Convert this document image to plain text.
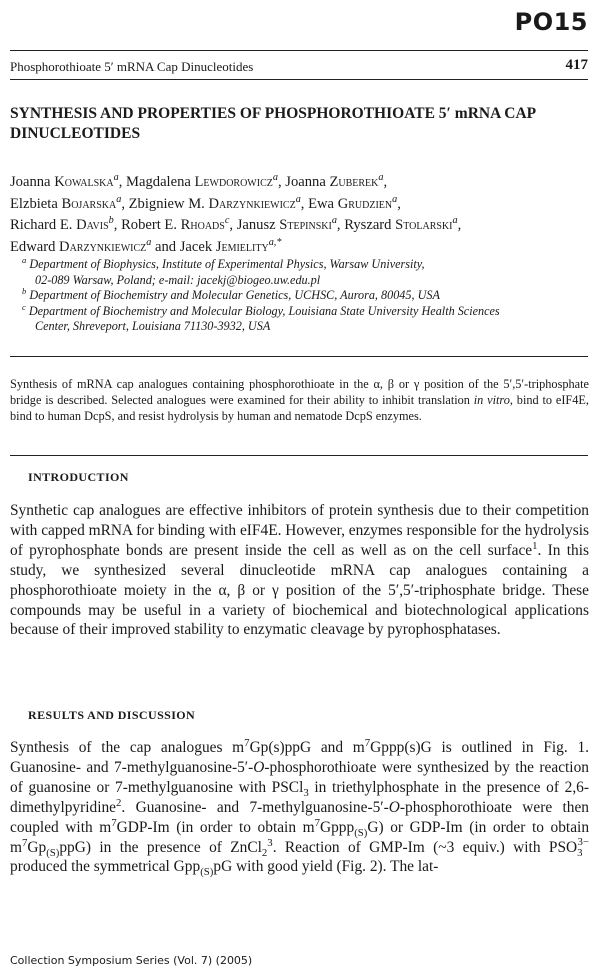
PO15
Phosphorothioate 5′ mRNA Cap Dinucleotides	417
SYNTHESIS AND PROPERTIES OF PHOSPHOROTHIOATE 5′ mRNA CAP DINUCLEOTIDES
Joanna Kowalska$^a$, Magdalena Lewdorowicz$^a$, Joanna Zuberek$^a$,
Elzbieta Bojarska$^a$, Zbigniew M. Darzynkiewicz$^a$, Ewa Grudzien$^a$,
Richard E. Davis$^b$, Robert E. Rhoads$^c$, Janusz Stepinski$^a$, Ryszard Stolarski$^a$,
Edward Darzynkiewicz$^a$ and Jacek Jemielity$^{a,*}$
$^a$ Department of Biophysics, Institute of Experimental Physics, Warsaw University,
02-089 Warsaw, Poland; e-mail: jacekj@biogeo.uw.edu.pl
$^b$ Department of Biochemistry and Molecular Genetics, UCHSC, Aurora, 80045, USA
$^c$ Department of Biochemistry and Molecular Biology, Louisiana State University Health Sciences
Center, Shreveport, Louisiana 71130-3932, USA
Synthesis of mRNA cap analogues containing phosphorothioate in the α, β or γ position of the 5′,5′-triphosphate bridge is described. Selected analogues were examined for their ability to inhibit translation in vitro, bind to eIF4E, bind to human DcpS, and resist hydrolysis by human and nematode DcpS enzymes.
INTRODUCTION

Synthetic cap analogues are effective inhibitors of protein synthesis due to their competition with capped mRNA for binding with eIF4E. However, enzymes responsible for the hydrolysis of pyrophosphate bonds are present inside the cell as well as on the cell surface$^1$. In this study, we synthesized several dinucleotide mRNA cap analogues containing a phosphorothioate moiety in the α, β or γ position of the 5′,5′-triphosphate bridge. These compounds may be useful in a variety of biochemical and biotechnological applications because of their improved stability to enzymatic cleavage by pyrophosphatases.

RESULTS AND DISCUSSION

Synthesis of the cap analogues $m^7Gp(s)ppG$ and $m^7Gppp(s)G$ is outlined in Fig. 1. Guanosine- and 7-methylguanosine-5′-O-phosphorothioate were synthesized by the reaction of guanosine or 7-methylguanosine with PSCl$_3$ in triethylphosphate in the presence of 2,6-dimethylpyridine$^2$. Guanosine- and 7-methylguanosine-5′-O-phosphorothioate were then coupled with $m^7GDP-Im$ (in order to obtain $m^7Gppp_{(S)}G$) or GDP-Im (in order to obtain $m^7Gp_{(S)}ppG$) in the presence of ZnCl$_2^3$. Reaction of GMP-Im (~3 equiv.) with $PSO_3^{3-}$ produced the symmetrical Gpp$_{(S)}$pG with good yield (Fig. 2). The lat-

Collection Symposium Series (Vol. 7) (2005)
